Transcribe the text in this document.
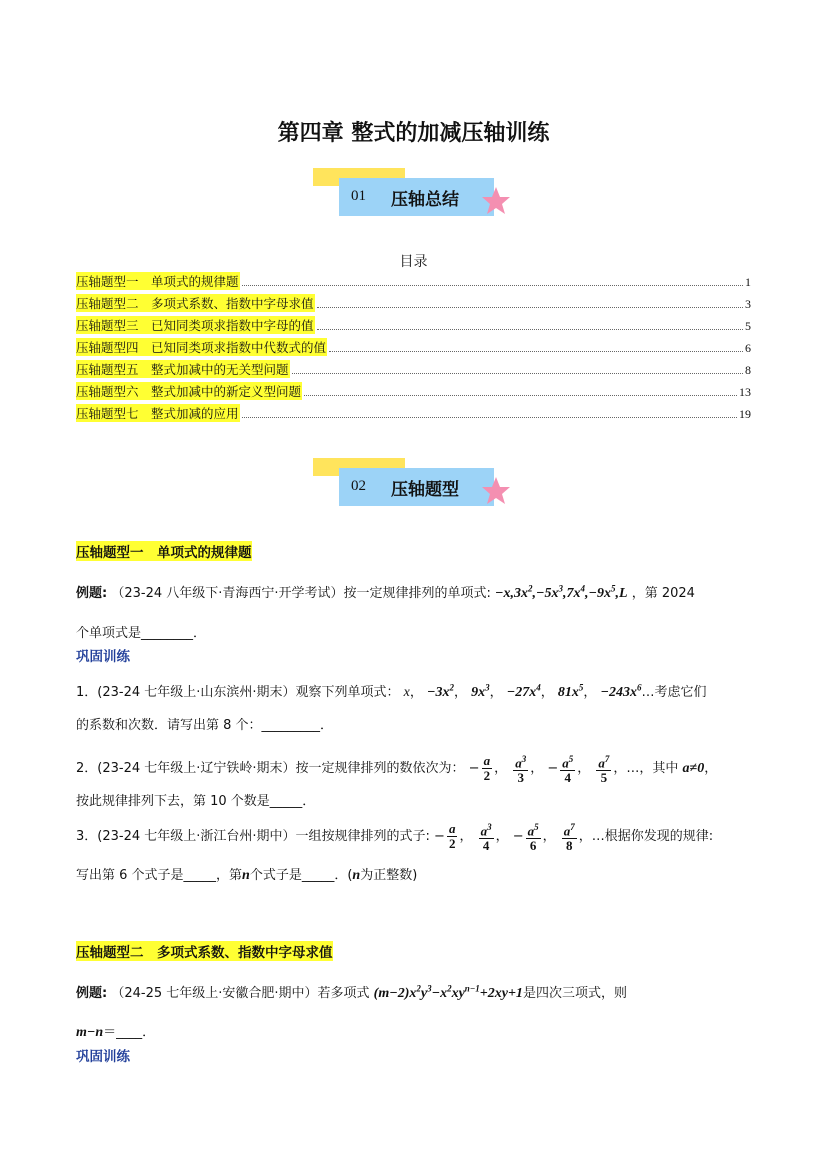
第四章 整式的加减压轴训练
01 压轴总结
目录
压轴题型一　单项式的规律题	1
压轴题型二　多项式系数、指数中字母求值	3
压轴题型三　已知同类项求指数中字母的值	5
压轴题型四　已知同类项求指数中代数式的值	6
压轴题型五　整式加减中的无关型问题	8
压轴题型六　整式加减中的新定义型问题	13
压轴题型七　整式加减的应用	19
02 压轴题型
压轴题型一　单项式的规律题
例题: （23-24 八年级下·青海西宁·开学考试）按一定规律排列的单项式: $-x,3x^2,-5x^3,7x^4,-9x^5,L$ ，第 2024
个单项式是________．
巩固训练
1．(23-24 七年级上·山东滨州·期末）观察下列单项式： x， $-3x^2$， $9x^3$， $-27x^4$， $81x^5$， $-243x^6\dots$考虑它们
的系数和次数．请写出第 8 个：_________．
2．(23-24 七年级上·辽宁铁岭·期末）按一定规律排列的数依次为： − $\frac{a}{2}$ ， $\frac{a^3}{3}$ ， − $\frac{a^5}{4}$ ， $\frac{a^7}{5}$ ，…，其中 a≠0，
按此规律排列下去，第 10 个数是_____．
3．(23-24 七年级上·浙江台州·期中）一组按规律排列的式子: − $\frac{a}{2}$ ， $\frac{a^3}{4}$ ， − $\frac{a^5}{6}$ ， $\frac{a^7}{8}$ ，…根据你发现的规律:
写出第 6 个式子是_____，第n个式子是_____．(n为正整数)
压轴题型二　多项式系数、指数中字母求值
例题: （24-25 七年级上·安徽合肥·期中）若多项式 $(m-2)x^2y^3-x^2xy^{n-1}+2xy+1$是四次三项式，则
m−n＝____．
巩固训练
